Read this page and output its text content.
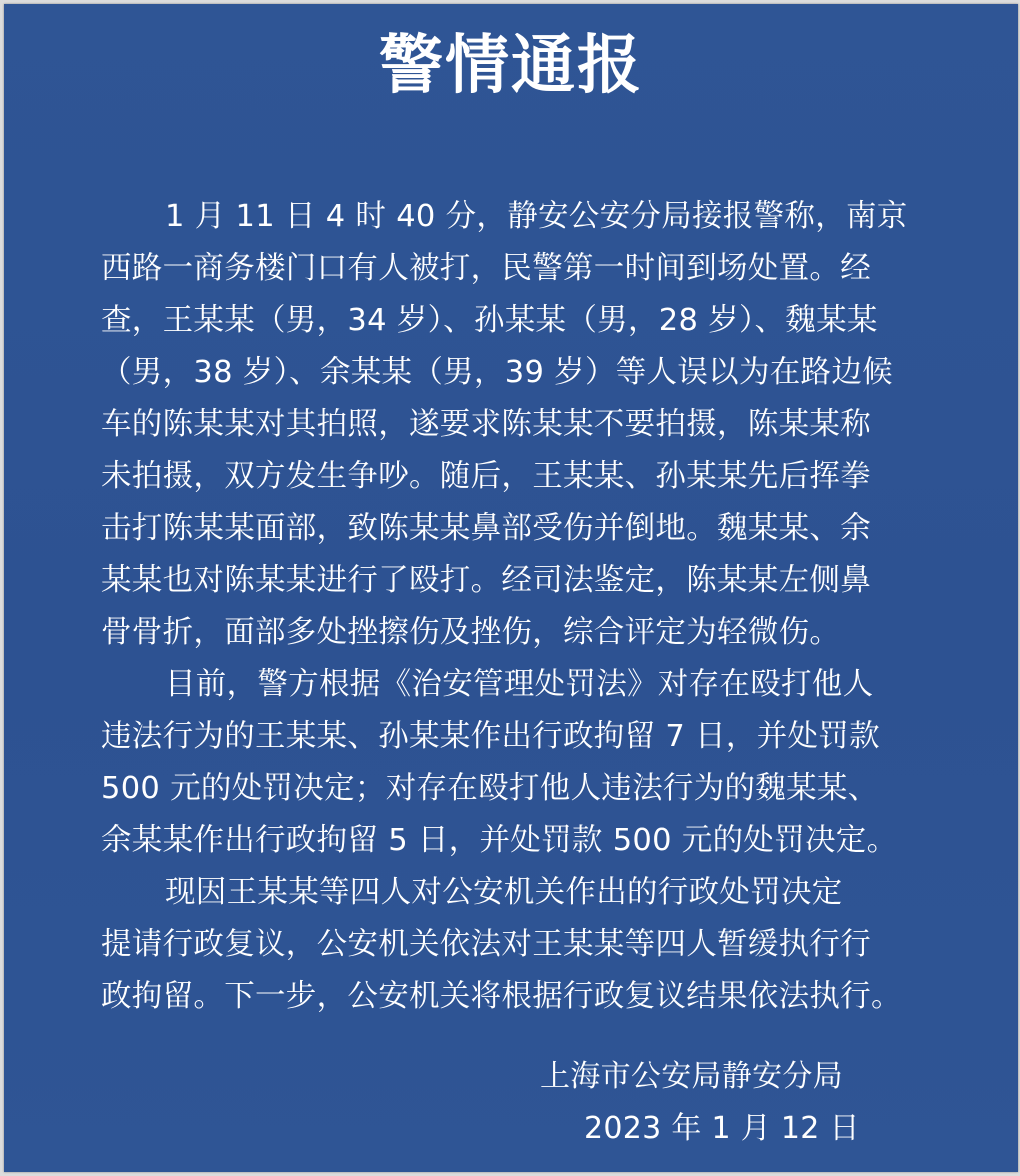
警情通报
1 月 11 日 4 时 40 分，静安公安分局接报警称，南京
西路一商务楼门口有人被打，民警第一时间到场处置。经
查，王某某（男，34 岁）、孙某某（男，28 岁）、魏某某
（男，38 岁）、余某某（男，39 岁）等人误以为在路边候
车的陈某某对其拍照，遂要求陈某某不要拍摄，陈某某称
未拍摄，双方发生争吵。随后，王某某、孙某某先后挥拳
击打陈某某面部，致陈某某鼻部受伤并倒地。魏某某、余
某某也对陈某某进行了殴打。经司法鉴定，陈某某左侧鼻
骨骨折，面部多处挫擦伤及挫伤，综合评定为轻微伤。
目前，警方根据《治安管理处罚法》对存在殴打他人
违法行为的王某某、孙某某作出行政拘留 7 日，并处罚款
500 元的处罚决定；对存在殴打他人违法行为的魏某某、
余某某作出行政拘留 5 日，并处罚款 500 元的处罚决定。
现因王某某等四人对公安机关作出的行政处罚决定
提请行政复议，公安机关依法对王某某等四人暂缓执行行
政拘留。下一步，公安机关将根据行政复议结果依法执行。
上海市公安局静安分局
2023 年 1 月 12 日
